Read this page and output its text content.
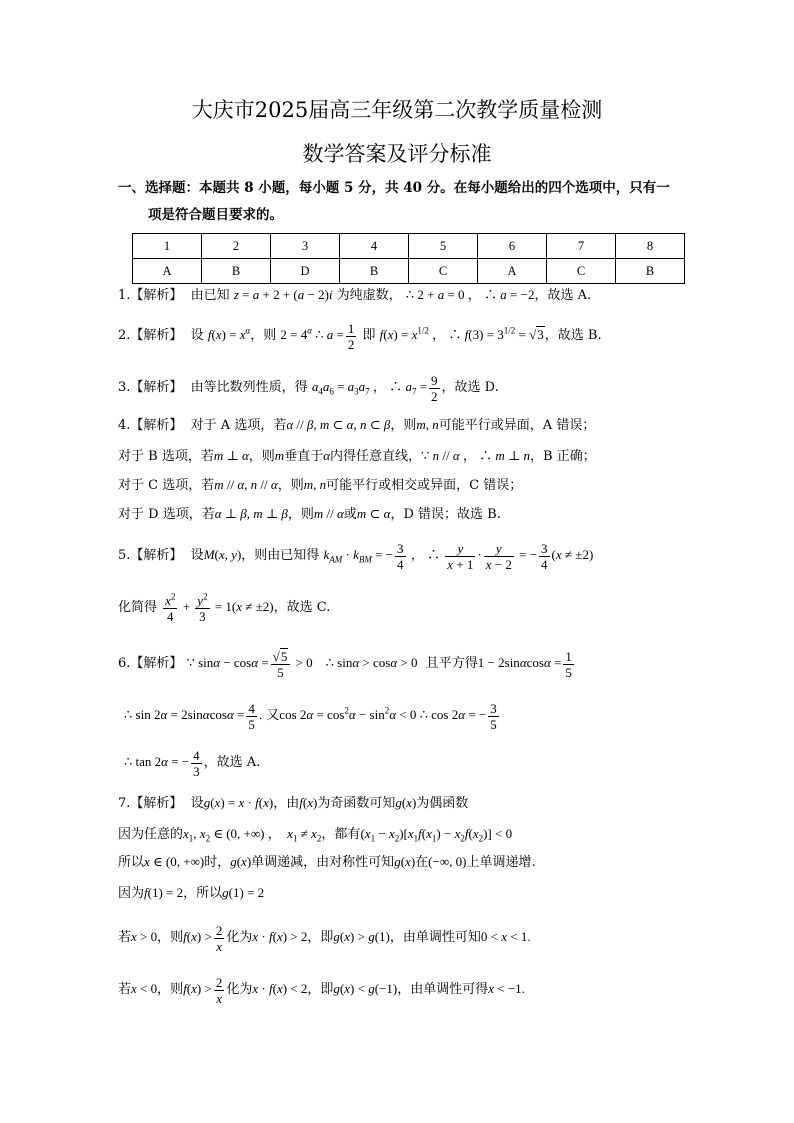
大庆市2025届高三年级第二次教学质量检测
数学答案及评分标准
一、选择题：本题共 8 小题，每小题 5 分，共 40 分。在每小题给出的四个选项中，只有一
项是符合题目要求的。
1	2	3	4	5	6	7	8
A	B	D	B	C	A	C	B
1.【解析】 由已知 z = a + 2 + (a − 2)i 为纯虚数， ∴ 2 + a = 0 ， ∴ a = −2，故选 A.
2.【解析】 设 $f(x) = x^\alpha$，则 $2 = 4^\alpha$ ∴ $a = \frac{1}{2}$ 即 $f(x) = x^{1/2}$ ， ∴ $f(3) = 3^{1/2} = √3$，故选 B.
3.【解析】 由等比数列性质，得 $a_4a_6 = a_3a_7$ ， ∴ $a_7 = \frac{9}{2}$ ，故选 D.
4.【解析】 对于 A 选项，若α // β, m ⊂ α, n ⊂ β，则m, n可能平行或异面，A 错误；
对于 B 选项，若m ⊥ α，则m垂直于α内得任意直线，∵ n // α ， ∴ m ⊥ n，B 正确；
对于 C 选项，若m // α, n // α，则m, n可能平行或相交或异面，C 错误；
对于 D 选项，若α ⊥ β, m ⊥ β，则m // α或m ⊂ α，D 错误；故选 B.
5.【解析】 设M(x, y)，则由已知得 $k_{AM} \cdot k_{BM}$ = − $\frac{3}{4}$ ， ∴ $\frac{y}{x + 1} \cdot \frac{y}{x - 2}$ = − $\frac{3}{4} (x \ne \pm 2)$
化简得 $\frac{x^2}{4} + \frac{y^2}{3} = 1(x \ne \pm 2)$，故选 C.
6.【解析】 ∵ $\sin\alpha - \cos\alpha = \frac{√5}{5} > 0$    ∴ sinα > cosα > 0 且平方得$1 - 2\sin\alpha\cos\alpha = \frac{1}{5}$
∴ $\sin 2\alpha = 2\sin\alpha\cos\alpha = \frac{4}{5}$ . 又$\cos 2\alpha = \cos^2\alpha - \sin^2\alpha < 0$ ∴ cos 2α = − $\frac{3}{5}$
∴ tan 2α = − $\frac{4}{3}$ ，故选 A.
7.【解析】 设g(x) = x · f(x)，由f(x)为奇函数可知g(x)为偶函数
因为任意的$x_1$, $x_2$ ∈ (0, +∞) ，  $x_1 \ne x_2$，都有$(x_1 - x_2)[x_1f(x_1) - x_2f(x_2)] < 0$
所以x ∈ (0, +∞)时，g(x)单调递减，由对称性可知g(x)在(−∞, 0)上单调递增.
因为f(1) = 2，所以g(1) = 2
若x > 0，则$f(x) > \frac{2}{x}$ 化为x · f(x) > 2，即g(x) > g(1)，由单调性可知0 < x < 1.
若x < 0，则$f(x) > \frac{2}{x}$ 化为x · f(x) < 2，即g(x) < g(−1)，由单调性可得x < −1.
